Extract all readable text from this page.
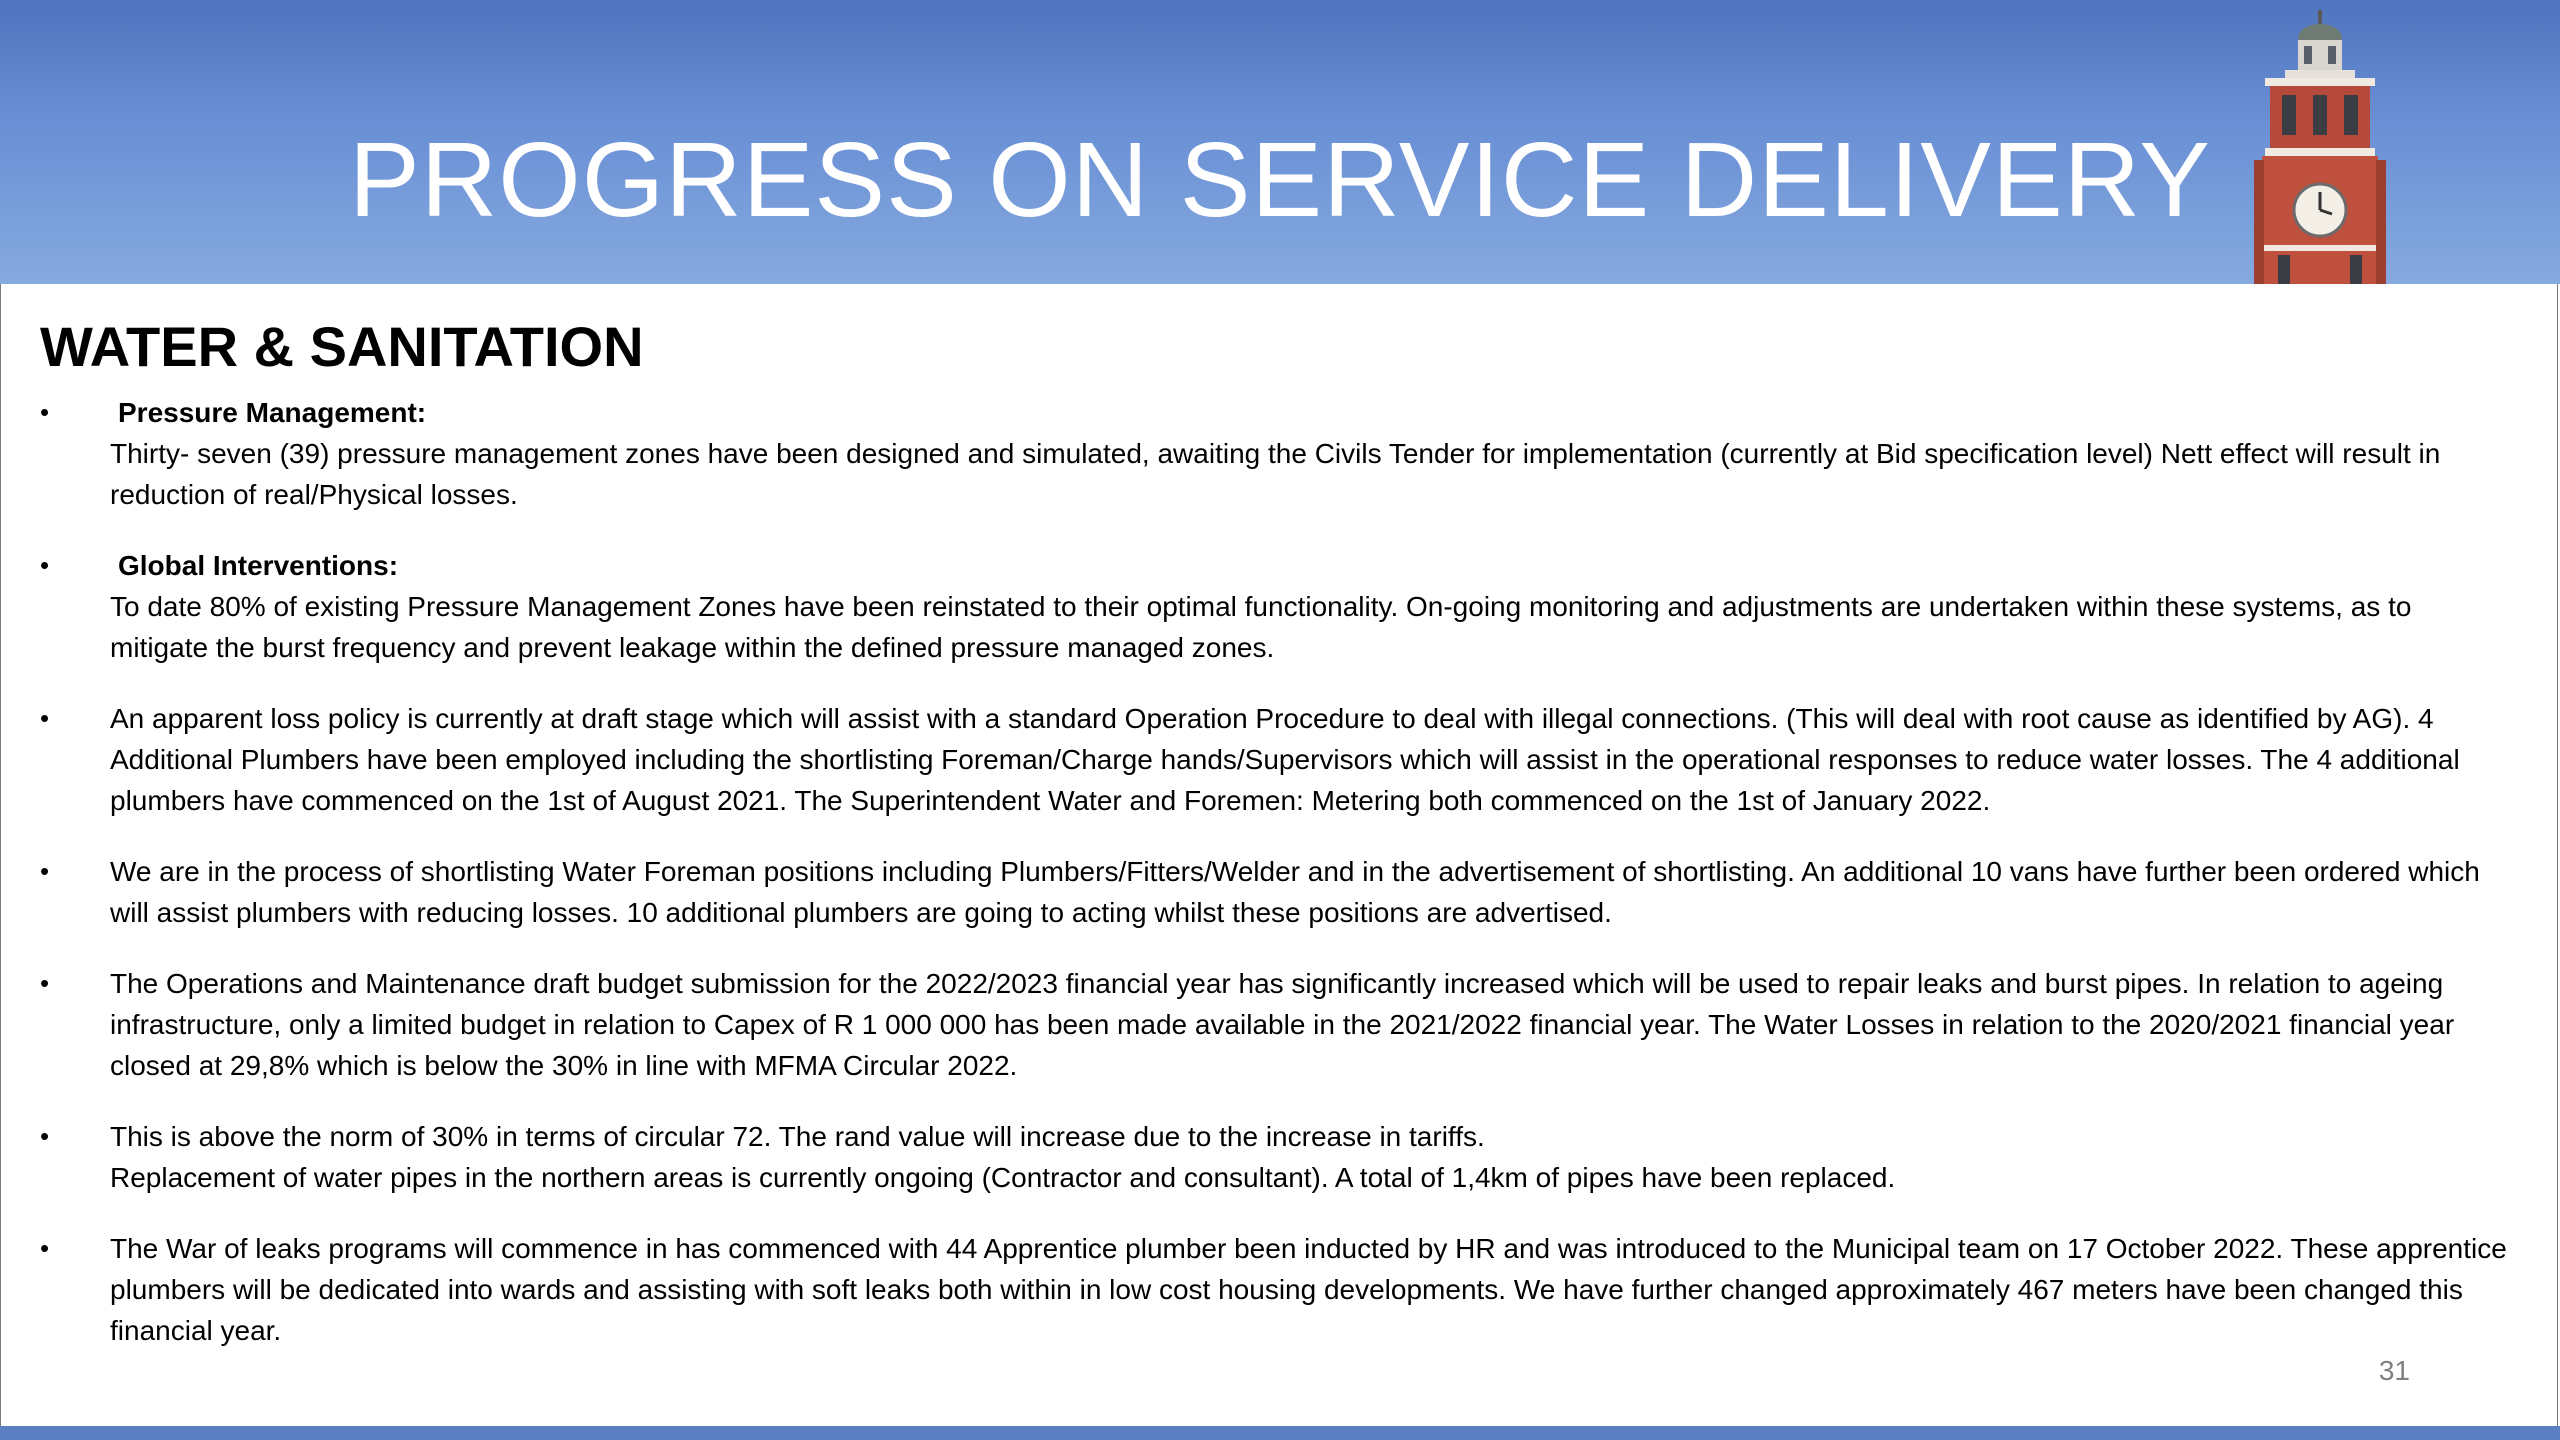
PROGRESS ON SERVICE DELIVERY
WATER & SANITATION
•	Pressure Management:
Thirty- seven (39) pressure management zones have been designed and simulated, awaiting the Civils Tender for implementation (currently at Bid specification level) Nett effect will result in reduction of real/Physical losses.
•	Global Interventions:
To date 80% of existing Pressure Management Zones have been reinstated to their optimal functionality. On-going monitoring and adjustments are undertaken within these systems, as to mitigate the burst frequency and prevent leakage within the defined pressure managed zones.
•	An apparent loss policy is currently at draft stage which will assist with a standard Operation Procedure to deal with illegal connections. (This will deal with root cause as identified by AG). 4 Additional Plumbers have been employed including the shortlisting Foreman/Charge hands/Supervisors which will assist in the operational responses to reduce water losses. The 4 additional plumbers have commenced on the 1st of August 2021. The Superintendent Water and Foremen: Metering both commenced on the 1st of January 2022.
•	We are in the process of shortlisting Water Foreman positions including Plumbers/Fitters/Welder and in the advertisement of shortlisting. An additional 10 vans have further been ordered which will assist plumbers with reducing losses. 10 additional plumbers are going to acting whilst these positions are advertised.
•	The Operations and Maintenance draft budget submission for the 2022/2023 financial year has significantly increased which will be used to repair leaks and burst pipes. In relation to ageing infrastructure, only a limited budget in relation to Capex of R 1 000 000 has been made available in the 2021/2022 financial year. The Water Losses in relation to the 2020/2021 financial year closed at 29,8% which is below the 30% in line with MFMA Circular 2022.
•	This is above the norm of 30% in terms of circular 72. The rand value will increase due to the increase in tariffs.
Replacement of water pipes in the northern areas is currently ongoing (Contractor and consultant). A total of 1,4km of pipes have been replaced.
•	The War of leaks programs will commence in has commenced with 44 Apprentice plumber been inducted by HR and was introduced to the Municipal team on 17 October 2022. These apprentice plumbers will be dedicated into wards and assisting with soft leaks both within in low cost housing developments. We have further changed approximately 467 meters have been changed this financial year.
31
